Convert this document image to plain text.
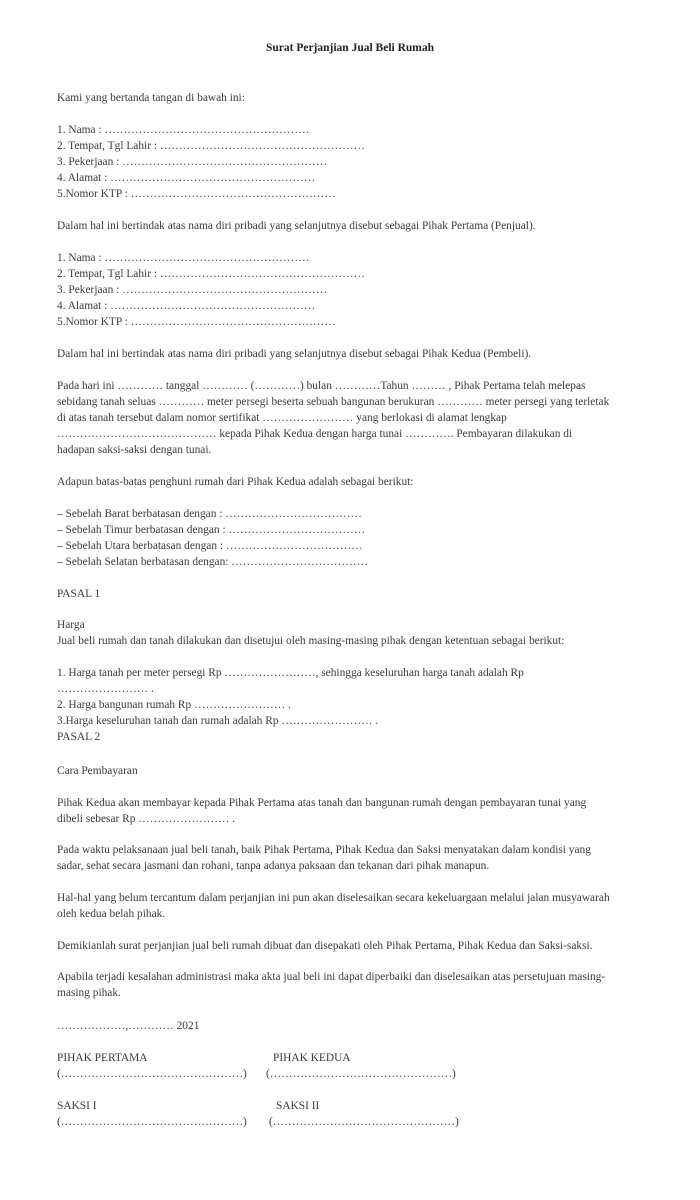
Surat Perjanjian Jual Beli Rumah

Kami yang bertanda tangan di bawah ini:

1. Nama : ………………………………………………

2. Tempat, Tgl Lahir : ………………………………………………

3. Pekerjaan : ………………………………………………

4. Alamat : ………………………………………………

5.Nomor KTP : ………………………………………………

Dalam hal ini bertindak atas nama diri pribadi yang selanjutnya disebut sebagai Pihak Pertama (Penjual).

1. Nama : ………………………………………………

2. Tempat, Tgl Lahir : ………………………………………………

3. Pekerjaan : ………………………………………………

4. Alamat : ………………………………………………

5.Nomor KTP : ………………………………………………

Dalam hal ini bertindak atas nama diri pribadi yang selanjutnya disebut sebagai Pihak Kedua (Pembeli).

Pada hari ini ………… tanggal ………… (…………) bulan …………Tahun ……… , Pihak Pertama telah melepas

sebidang tanah seluas ………… meter persegi beserta sebuah bangunan berukuran ………… meter persegi yang terletak

di atas tanah tersebut dalam nomor sertifikat …………………… yang berlokasi di alamat lengkap

…………………………………… kepada Pihak Kedua dengan harga tunai …………. Pembayaran dilakukan di

hadapan saksi-saksi dengan tunai.

Adapun batas-batas penghuni rumah dari Pihak Kedua adalah sebagai berikut:

– Sebelah Barat berbatasan dengan : ………………………………

– Sebelah Timur berbatasan dengan : ………………………………

– Sebelah Utara berbatasan dengan : ………………………………

– Sebelah Selatan berbatasan dengan: ………………………………

PASAL 1

Harga

Jual beli rumah dan tanah dilakukan dan disetujui oleh masing-masing pihak dengan ketentuan sebagai berikut:

1. Harga tanah per meter persegi Rp ……………………, sehingga keseluruhan harga tanah adalah Rp

…………………… .

2. Harga bangunan rumah Rp …………………… .

3.Harga keseluruhan tanah dan rumah adalah Rp …………………… .

PASAL 2

Cara Pembayaran

Pihak Kedua akan membayar kepada Pihak Pertama atas tanah dan bangunan rumah dengan pembayaran tunai yang

dibeli sebesar Rp …………………… .

Pada waktu pelaksanaan jual beli tanah, baik Pihak Pertama, Pihak Kedua dan Saksi menyatakan dalam kondisi yang

sadar, sehat secara jasmani dan rohani, tanpa adanya paksaan dan tekanan dari pihak manapun.

Hal-hal yang belum tercantum dalam perjanjian ini pun akan diselesaikan secara kekeluargaan melalui jalan musyawarah

oleh kedua belah pihak.

Demikianlah surat perjanjian jual beli rumah dibuat dan disepakati oleh Pihak Pertama, Pihak Kedua dan Saksi-saksi.

Apabila terjadi kesalahan administrasi maka akta jual beli ini dapat diperbaiki dan diselesaikan atas persetujuan masing-

masing pihak.

………………,………… 2021

PIHAK PERTAMA	PIHAK KEDUA

(…………………………………………) (…………………………………………)

SAKSI I	SAKSI II

(…………………………………………) (…………………………………………)
